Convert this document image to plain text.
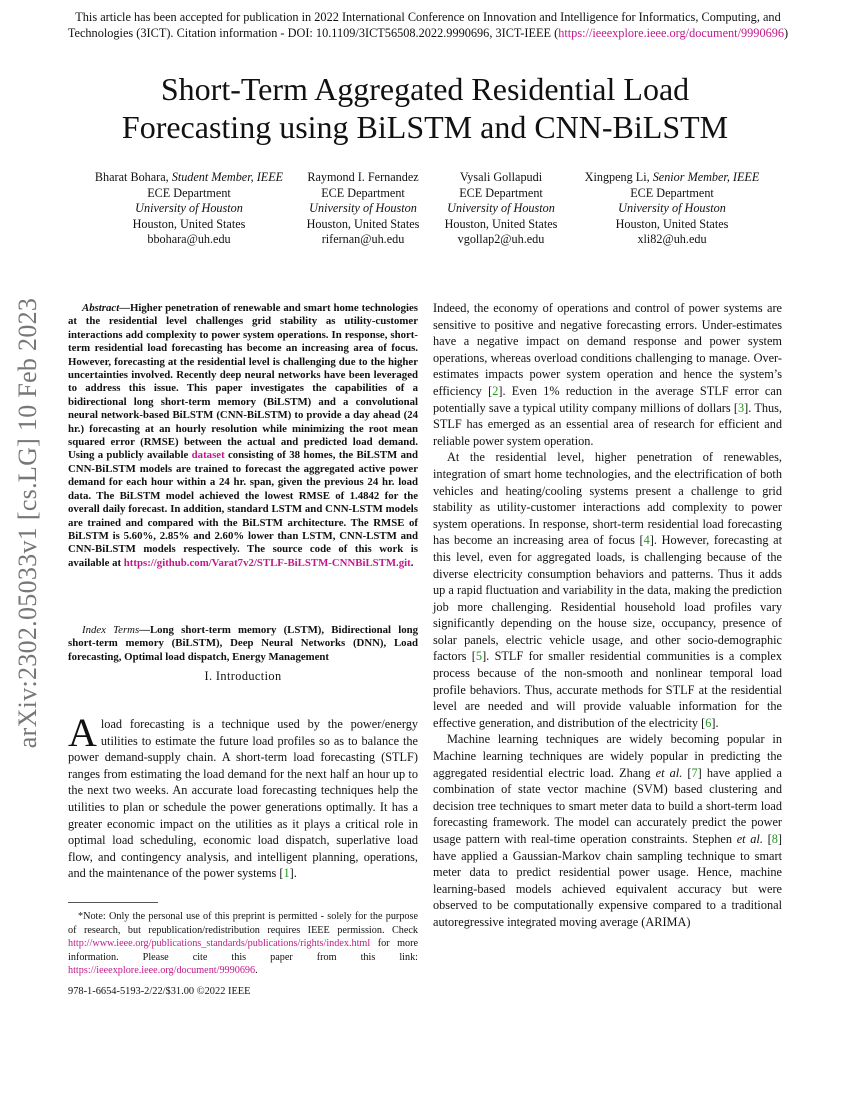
This article has been accepted for publication in 2022 International Conference on Innovation and Intelligence for Informatics, Computing, and Technologies (3ICT). Citation information - DOI: 10.1109/3ICT56508.2022.9990696, 3ICT-IEEE (https://ieeexplore.ieee.org/document/9990696)
Short-Term Aggregated Residential Load
Forecasting using BiLSTM and CNN-BiLSTM
Bharat Bohara, Student Member, IEEE
ECE Department
University of Houston
Houston, United States
bbohara@uh.edu
Raymond I. Fernandez
ECE Department
University of Houston
Houston, United States
rifernan@uh.edu
Vysali Gollapudi
ECE Department
University of Houston
Houston, United States
vgollap2@uh.edu
Xingpeng Li, Senior Member, IEEE
ECE Department
University of Houston
Houston, United States
xli82@uh.edu
arXiv:2302.05033v1 [cs.LG] 10 Feb 2023	Abstract—Higher penetration of renewable and smart home technologies at the residential level challenges grid stability as utility-customer interactions add complexity to power system operations. In response, short-term residential load forecasting has become an increasing area of focus. However, forecasting at the residential level is challenging due to the higher uncertainties involved. Recently deep neural networks have been leveraged to address this issue. This paper investigates the capabilities of a bidirectional long short-term memory (BiLSTM) and a convolutional neural network-based BiLSTM (CNN-BiLSTM) to provide a day ahead (24 hr.) forecasting at an hourly resolution while minimizing the root mean squared error (RMSE) between the actual and predicted load demand. Using a publicly available dataset consisting of 38 homes, the BiLSTM and CNN-BiLSTM models are trained to forecast the aggregated active power demand for each hour within a 24 hr. span, given the previous 24 hr. load data. The BiLSTM model achieved the lowest RMSE of 1.4842 for the overall daily forecast. In addition, standard LSTM and CNN-LSTM models are trained and compared with the BiLSTM architecture. The RMSE of BiLSTM is 5.60%, 2.85% and 2.60% lower than LSTM, CNN-LSTM and CNN-BiLSTM models respectively. The source code of this work is available at https://github.com/Varat7v2/STLF-BiLSTM-CNNBiLSTM.git.

Index Terms—Long short-term memory (LSTM), Bidirectional long short-term memory (BiLSTM), Deep Neural Networks (DNN), Load forecasting, Optimal load dispatch, Energy Management

I. Introduction

Aload forecasting is a technique used by the power/energy utilities to estimate the future load profiles so as to balance the power demand-supply chain. A short-term load forecasting (STLF) ranges from estimating the load demand for the next half an hour up to the next two weeks. An accurate load forecasting techniques help the utilities to plan or schedule the power generations optimally. It has a greater economic impact on the utilities as it plays a critical role in optimal load scheduling, economic load dispatch, superlative load flow, and contingency analysis, and intelligent planning, operations, and the maintenance of the power systems [1].

*Note: Only the personal use of this preprint is permitted - solely for the purpose of research, but republication/redistribution requires IEEE permission. Check http://www.ieee.org/publications_standards/publications/rights/index.html for more information. Please cite this paper from this link: https://ieeexplore.ieee.org/document/9990696.
978-1-6654-5193-2/22/$31.00 ©2022 IEEE

Indeed, the economy of operations and control of power systems are sensitive to positive and negative forecasting errors. Under-estimates have a negative impact on demand response and power system operations, whereas overload conditions challenging to manage. Over-estimates impacts power system operation and hence the system’s efficiency [2]. Even 1% reduction in the average STLF error can potentially save a typical utility company millions of dollars [3]. Thus, STLF has emerged as an essential area of research for efficient and reliable power system operation.

At the residential level, higher penetration of renewables, integration of smart home technologies, and the electrification of both vehicles and heating/cooling systems present a challenge to grid stability as utility-customer interactions add complexity to power system operations. In response, short-term residential load forecasting has become an increasing area of focus [4]. However, forecasting at this level, even for aggregated loads, is challenging because of the diverse electricity consumption behaviors and patterns. Thus it adds up a rapid fluctuation and variability in the data, making the prediction job more challenging. Residential household load profiles vary significantly depending on the house size, occupancy, presence of solar panels, electric vehicle usage, and other socio-demographic factors [5]. STLF for smaller residential communities is a complex process because of the non-smooth and nonlinear temporal load profile behaviors. Thus, accurate methods for STLF at the residential level are needed and will provide valuable information for the effective generation, and distribution of the electricity [6].

Machine learning techniques are widely becoming popular in Machine learning techniques are widely popular in predicting the aggregated residential electric load. Zhang et al. [7] have applied a combination of state vector machine (SVM) based clustering and decision tree techniques to smart meter data to build a short-term load forecasting framework. The model can accurately predict the power usage pattern with real-time operation constraints. Stephen et al. [8] have applied a Gaussian-Markov chain sampling technique to smart meter data to predict residential power usage. Hence, machine learning-based models achieved equivalent accuracy but were observed to be computationally expensive compared to a traditional autoregressive integrated moving average (ARIMA)
